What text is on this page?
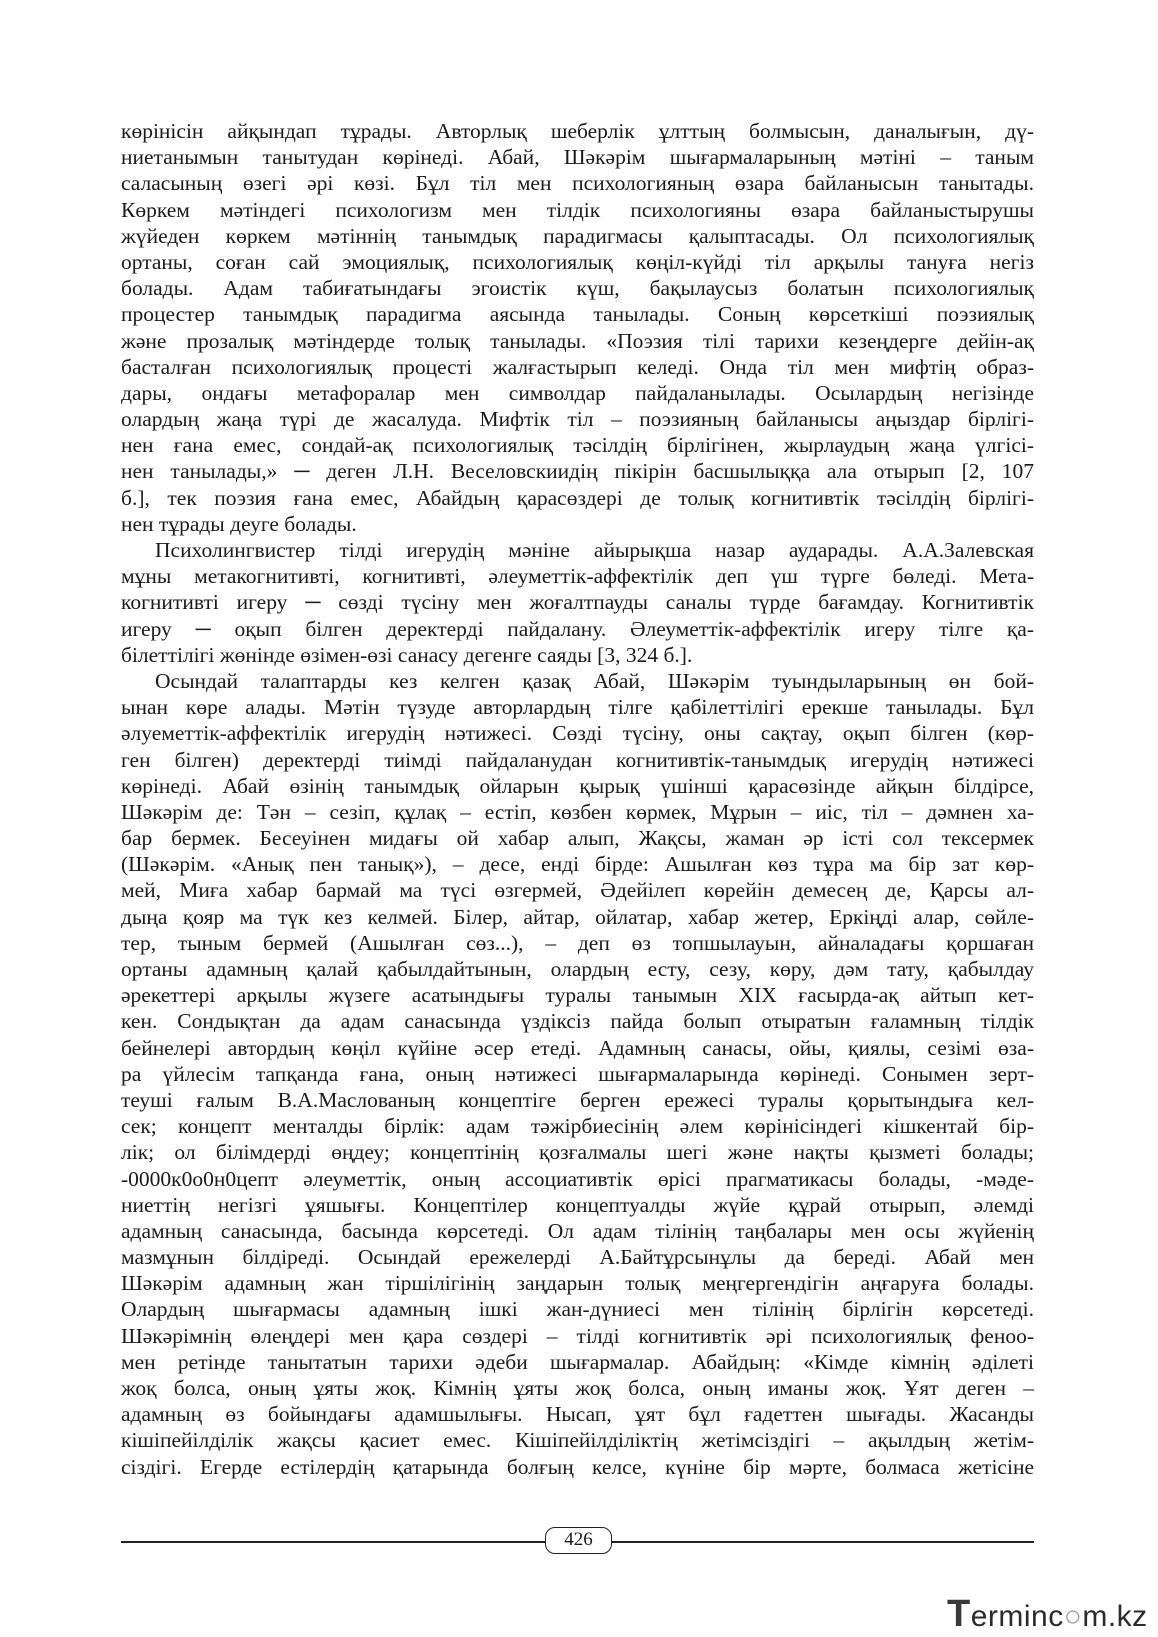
көрінісін айқындап тұрады. Авторлық шеберлік ұлттың болмысын, даналығын, дү-
ниетанымын танытудан көрінеді. Абай, Шәкәрім шығармаларының мәтіні – таным
саласының өзегі әрі көзі. Бұл тіл мен психологияның өзара байланысын танытады.
Көркем мәтіндегі психологизм мен тілдік психологияны өзара байланыстырушы
жүйеден көркем мәтіннің танымдық парадигмасы қалыптасады. Ол психологиялық
ортаны, соған сай эмоциялық, психологиялық көңіл-күйді тіл арқылы тануға негіз
болады. Адам табиғатындағы эгоистік күш, бақылаусыз болатын психологиялық
процестер танымдық парадигма аясында танылады. Соның көрсеткіші поэзиялық
және прозалық мәтіндерде толық танылады. «Поэзия тілі тарихи кезеңдерге дейін-ақ
басталған психологиялық процесті жалғастырып келеді. Онда тіл мен мифтің образ-
дары, ондағы метафоралар мен символдар пайдаланылады. Осылардың негізінде
олардың жаңа түрі де жасалуда. Мифтік тіл – поэзияның байланысы аңыздар бірлігі-
нен ғана емес, сондай-ақ психологиялық тәсілдің бірлігінен, жырлаудың жаңа үлгісі-
нен танылады,» ─ деген Л.Н. Веселовскиидің пікірін басшылыққа ала отырып [2, 107
б.], тек поэзия ғана емес, Абайдың қарасөздері де толық когнитивтік тәсілдің бірлігі-
нен тұрады деуге болады.
Психолингвистер тілді игерудің мәніне айырықша назар аударады. А.А.Залевская
мұны метакогнитивті, когнитивті, әлеуметтік-аффектілік деп үш түрге бөледі. Мета-
когнитивті игеру ─ сөзді түсіну мен жоғалтпауды саналы түрде бағамдау. Когнитивтік
игеру ─ оқып білген деректерді пайдалану. Әлеуметтік-аффектілік игеру тілге қа-
білеттілігі жөнінде өзімен-өзі санасу дегенге саяды [3, 324 б.].
Осындай талаптарды кез келген қазақ Абай, Шәкәрім туындыларының өн бой-
ынан көре алады. Мәтін түзуде авторлардың тілге қабілеттілігі ерекше танылады. Бұл
әлуеметтік-аффектілік игерудің нәтижесі. Сөзді түсіну, оны сақтау, оқып білген (көр-
ген білген) деректерді тиімді пайдаланудан когнитивтік-танымдық игерудің нәтижесі
көрінеді. Абай өзінің танымдық ойларын қырық үшінші қарасөзінде айқын білдірсе,
Шәкәрім де: Тән – сезіп, құлақ – естіп, көзбен көрмек, Мұрын – иіс, тіл – дәмнен ха-
бар бермек. Бесеуінен мидағы ой хабар алып, Жақсы, жаман әр істі сол тексермек
(Шәкәрім. «Анық пен танық»), – десе, енді бірде: Ашылған көз тұра ма бір зат көр-
мей, Миға хабар бармай ма түсі өзгермей, Әдейілеп көрейін демесең де, Қарсы ал-
дыңа қояр ма түк кез келмей. Білер, айтар, ойлатар, хабар жетер, Еркіңді алар, сөйле-
тер, тыным бермей (Ашылған сөз...), – деп өз топшылауын, айналадағы қоршаған
ортаны адамның қалай қабылдайтынын, олардың есту, сезу, көру, дәм тату, қабылдау
әрекеттері арқылы жүзеге асатындығы туралы танымын XIX ғасырда-ақ айтып кет-
кен. Сондықтан да адам санасында үздіксіз пайда болып отыратын ғаламның тілдік
бейнелері автордың көңіл күйіне әсер етеді. Адамның санасы, ойы, қиялы, сезімі өза-
ра үйлесім тапқанда ғана, оның нәтижесі шығармаларында көрінеді. Сонымен зерт-
теуші ғалым В.А.Маслованың концептіге берген ережесі туралы қорытындыға кел-
сек; концепт менталды бірлік: адам тәжірбиесінің әлем көрінісіндегі кішкентай бір-
лік; ол білімдерді өңдеу; концептінің қозғалмалы шегі және нақты қызметі болады;
-0000к0о0н0цепт әлеуметтік, оның ассоциативтік өрісі прагматикасы болады, -мәде-
ниеттің негізгі ұяшығы. Концептілер концептуалды жүйе құрай отырып, әлемді
адамның санасында, басында көрсетеді. Ол адам тілінің таңбалары мен осы жүйенің
мазмұнын білдіреді. Осындай ережелерді А.Байтұрсынұлы да береді. Абай мен
Шәкәрім адамның жан тіршілігінің заңдарын толық меңгергендігін аңғаруға болады.
Олардың шығармасы адамның ішкі жан-дүниесі мен тілінің бірлігін көрсетеді.
Шәкәрімнің өлеңдері мен қара сөздері – тілді когнитивтік әрі психологиялық феноо-
мен ретінде танытатын тарихи әдеби шығармалар. Абайдың: «Кімде кімнің әділеті
жоқ болса, оның ұяты жоқ. Кімнің ұяты жоқ болса, оның иманы жоқ. Ұят деген –
адамның өз бойындағы адамшылығы. Нысап, ұят бұл ғадеттен шығады. Жасанды
кішіпейілділік жақсы қасиет емес. Кішіпейілділіктің жетімсіздігі – ақылдың жетім-
сіздігі. Егерде естілердің қатарында болғың келсе, күніне бір мәрте, болмаса жетісіне
426
Terminc○m.kz
